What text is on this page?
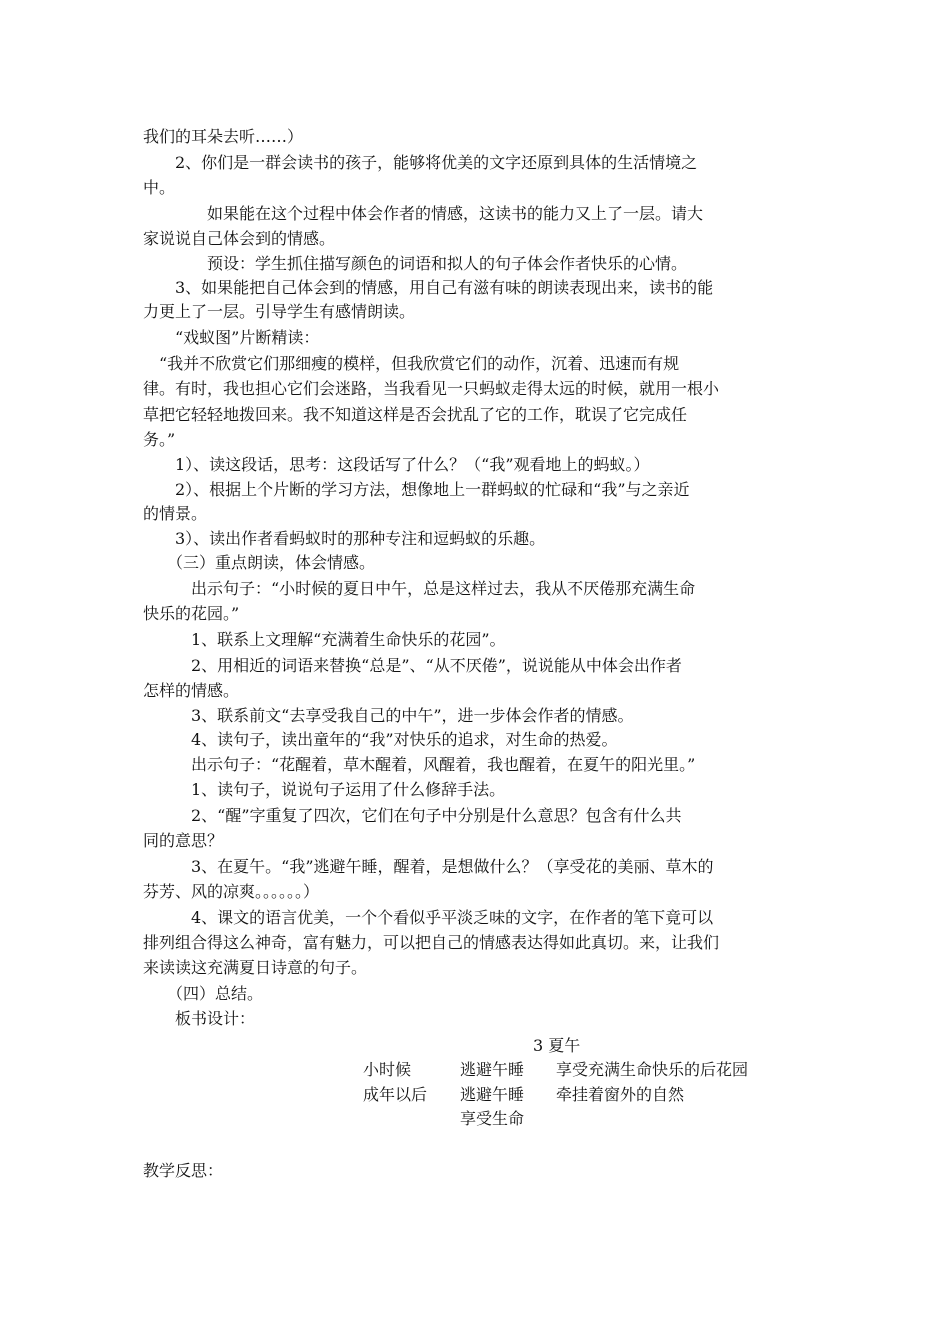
我们的耳朵去听……）
　　2、你们是一群会读书的孩子，能够将优美的文字还原到具体的生活情境之
中。
　　　　如果能在这个过程中体会作者的情感，这读书的能力又上了一层。请大
家说说自己体会到的情感。
　　　　预设：学生抓住描写颜色的词语和拟人的句子体会作者快乐的心情。
　　3、如果能把自己体会到的情感，用自己有滋有味的朗读表现出来，读书的能
力更上了一层。引导学生有感情朗读。
　　“戏蚁图”片断精读：
　“我并不欣赏它们那细瘦的模样，但我欣赏它们的动作，沉着、迅速而有规
律。有时，我也担心它们会迷路，当我看见一只蚂蚁走得太远的时候，就用一根小
草把它轻轻地拨回来。我不知道这样是否会扰乱了它的工作，耽误了它完成任
务。”
　　1）、读这段话，思考：这段话写了什么？（“我”观看地上的蚂蚁。）
　　2）、根据上个片断的学习方法，想像地上一群蚂蚁的忙碌和“我”与之亲近
的情景。
　　3）、读出作者看蚂蚁时的那种专注和逗蚂蚁的乐趣。
　　（三）重点朗读，体会情感。
　　　出示句子：“小时候的夏日中午，总是这样过去，我从不厌倦那充满生命
快乐的花园。”
　　　1、联系上文理解“充满着生命快乐的花园”。
　　　2、用相近的词语来替换“总是”、“从不厌倦”，说说能从中体会出作者
怎样的情感。
　　　3、联系前文“去享受我自己的中午”，进一步体会作者的情感。
　　　4、读句子，读出童年的“我”对快乐的追求，对生命的热爱。
　　　出示句子：“花醒着，草木醒着，风醒着，我也醒着，在夏午的阳光里。”
　　　1、读句子，说说句子运用了什么修辞手法。
　　　2、“醒”字重复了四次，它们在句子中分别是什么意思？包含有什么共
同的意思？
　　　3、在夏午。“我”逃避午睡，醒着，是想做什么？（享受花的美丽、草木的
芬芳、风的凉爽。。。。。。）
　　　4、课文的语言优美，一个个看似乎平淡乏味的文字，在作者的笔下竟可以
排列组合得这么神奇，富有魅力，可以把自己的情感表达得如此真切。来，让我们
来读读这充满夏日诗意的句子。
　　（四）总结。
　　板书设计：
3 夏午
小时候	逃避午睡 享受充满生命快乐的后花园
成年以后 逃避午睡 牵挂着窗外的自然
享受生命
教学反思：
